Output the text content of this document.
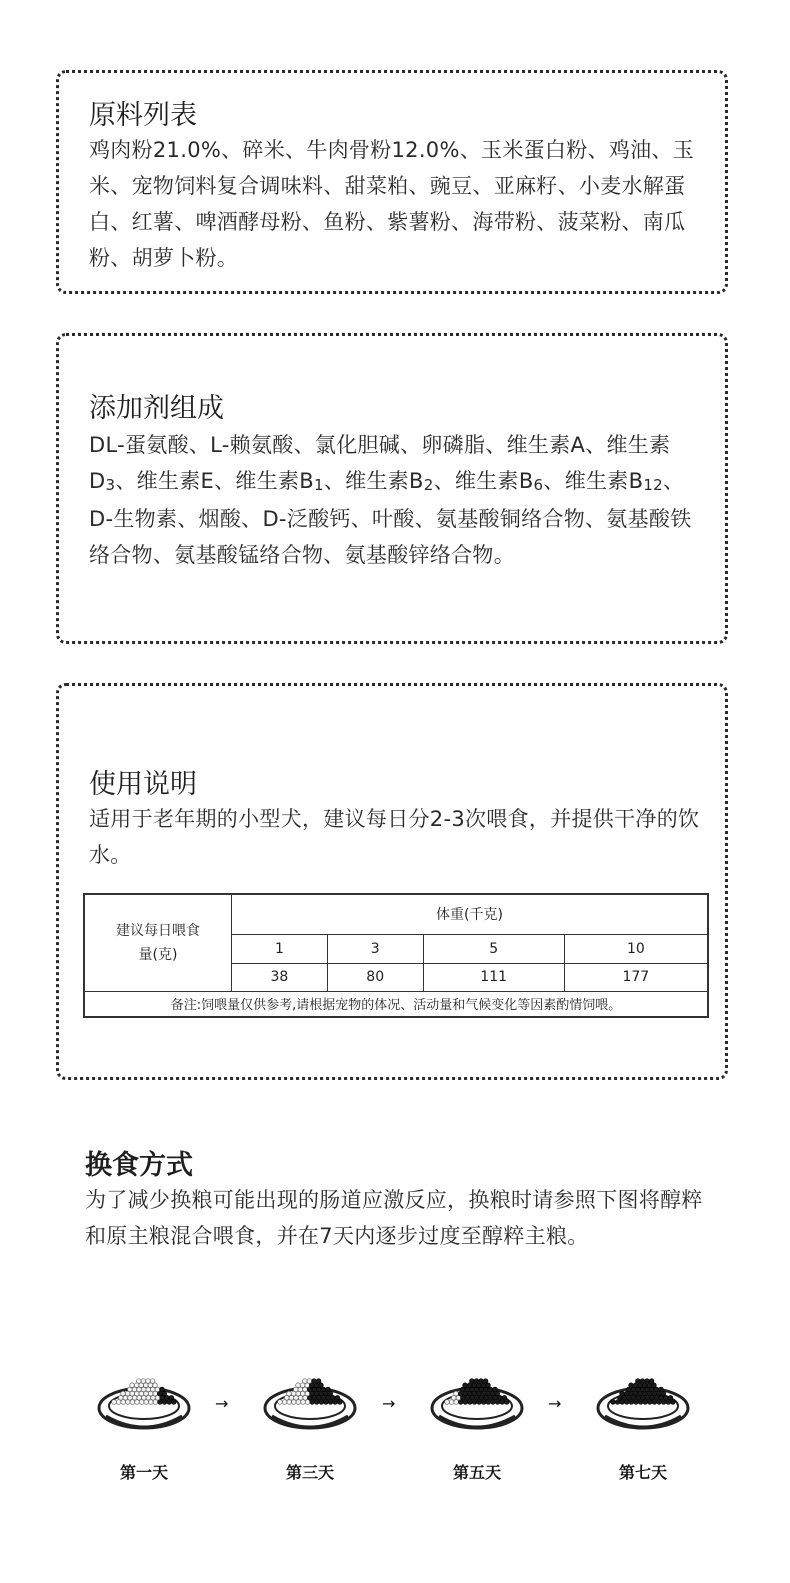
原料列表

鸡肉粉21.0%、碎米、牛肉骨粉12.0%、玉米蛋白粉、鸡油、玉米、宠物饲料复合调味料、甜菜粕、豌豆、亚麻籽、小麦水解蛋白、红薯、啤酒酵母粉、鱼粉、紫薯粉、海带粉、菠菜粉、南瓜粉、胡萝卜粉。

添加剂组成

DL-蛋氨酸、L-赖氨酸、氯化胆碱、卵磷脂、维生素A、维生素$D_3$、维生素E、维生素$B_1$、维生素$B_2$、维生素$B_6$、维生素$B_{12}$、D-生物素、烟酸、D-泛酸钙、叶酸、氨基酸铜络合物、氨基酸铁络合物、氨基酸锰络合物、氨基酸锌络合物。

使用说明

适用于老年期的小型犬，建议每日分2-3次喂食，并提供干净的饮水。

建议每日喂食量(克)	体重(千克)			
	1	3	5	10
	38	80	111	177
备注:饲喂量仅供参考,请根据宠物的体况、活动量和气候变化等因素酌情饲喂。				
换食方式

为了减少换粮可能出现的肠道应激反应，换粮时请参照下图将醇粹和原主粮混合喂食，并在7天内逐步过度至醇粹主粮。

第一天
→
第三天
→
第五天
→
第七天
